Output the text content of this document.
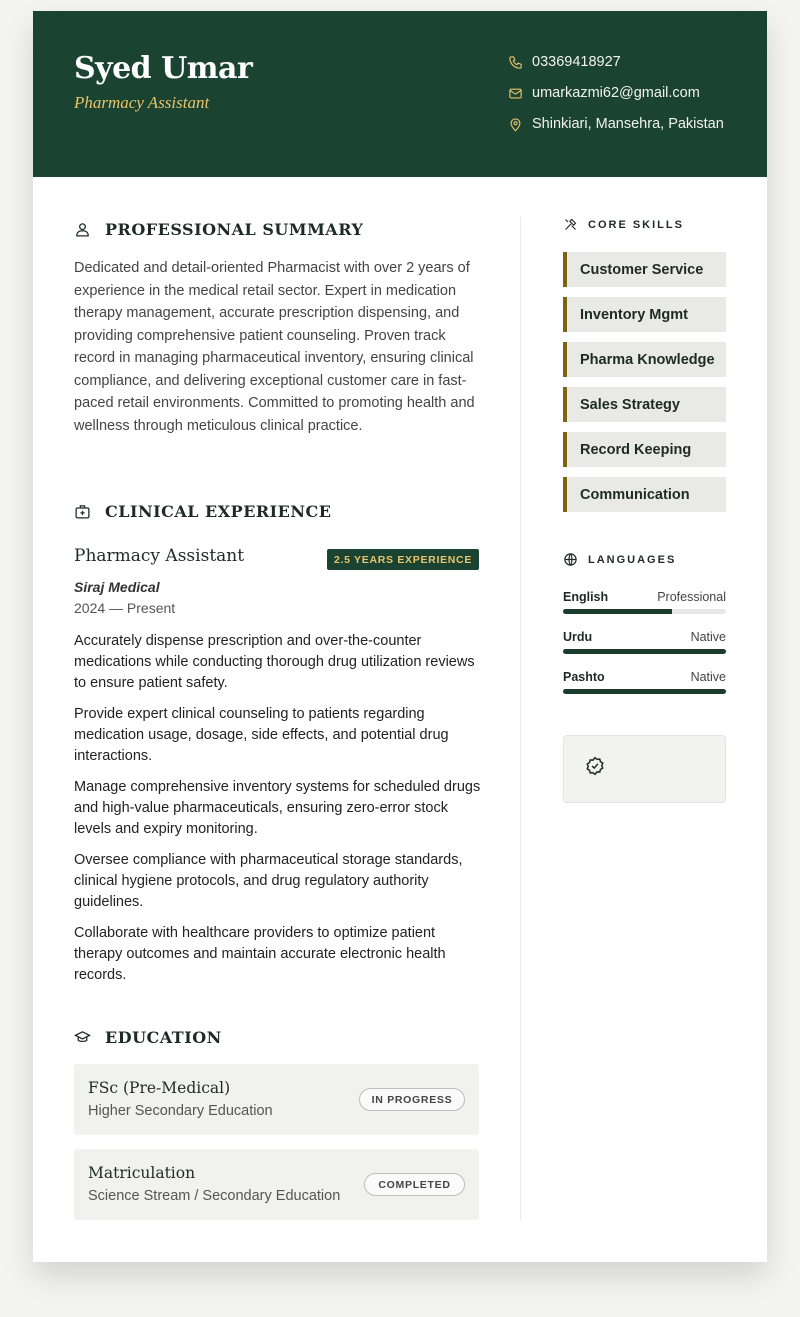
Syed Umar
Pharmacy Assistant
03369418927
umarkazmi62@gmail.com
Shinkiari, Mansehra, Pakistan
PROFESSIONAL SUMMARY

Dedicated and detail-oriented Pharmacist with over 2 years of experience in the medical retail sector. Expert in medication therapy management, accurate prescription dispensing, and providing comprehensive patient counseling. Proven track record in managing pharmaceutical inventory, ensuring clinical compliance, and delivering exceptional customer care in fast-paced retail environments. Committed to promoting health and wellness through meticulous clinical practice.

CLINICAL EXPERIENCE
Pharmacy Assistant	2.5 YEARS EXPERIENCE
Siraj Medical
2024 — Present

Accurately dispense prescription and over-the-counter medications while conducting thorough drug utilization reviews to ensure patient safety.

Provide expert clinical counseling to patients regarding medication usage, dosage, side effects, and potential drug interactions.

Manage comprehensive inventory systems for scheduled drugs and high-value pharmaceuticals, ensuring zero-error stock levels and expiry monitoring.

Oversee compliance with pharmaceutical storage standards, clinical hygiene protocols, and drug regulatory authority guidelines.

Collaborate with healthcare providers to optimize patient therapy outcomes and maintain accurate electronic health records.

EDUCATION
FSc (Pre-Medical)
Higher Secondary Education
IN PROGRESS
Matriculation
Science Stream / Secondary Education
COMPLETED
CORE SKILLS
Customer Service
Inventory Mgmt
Pharma Knowledge
Sales Strategy
Record Keeping
Communication
LANGUAGES
English	Professional
Urdu	Native
Pashto	Native
